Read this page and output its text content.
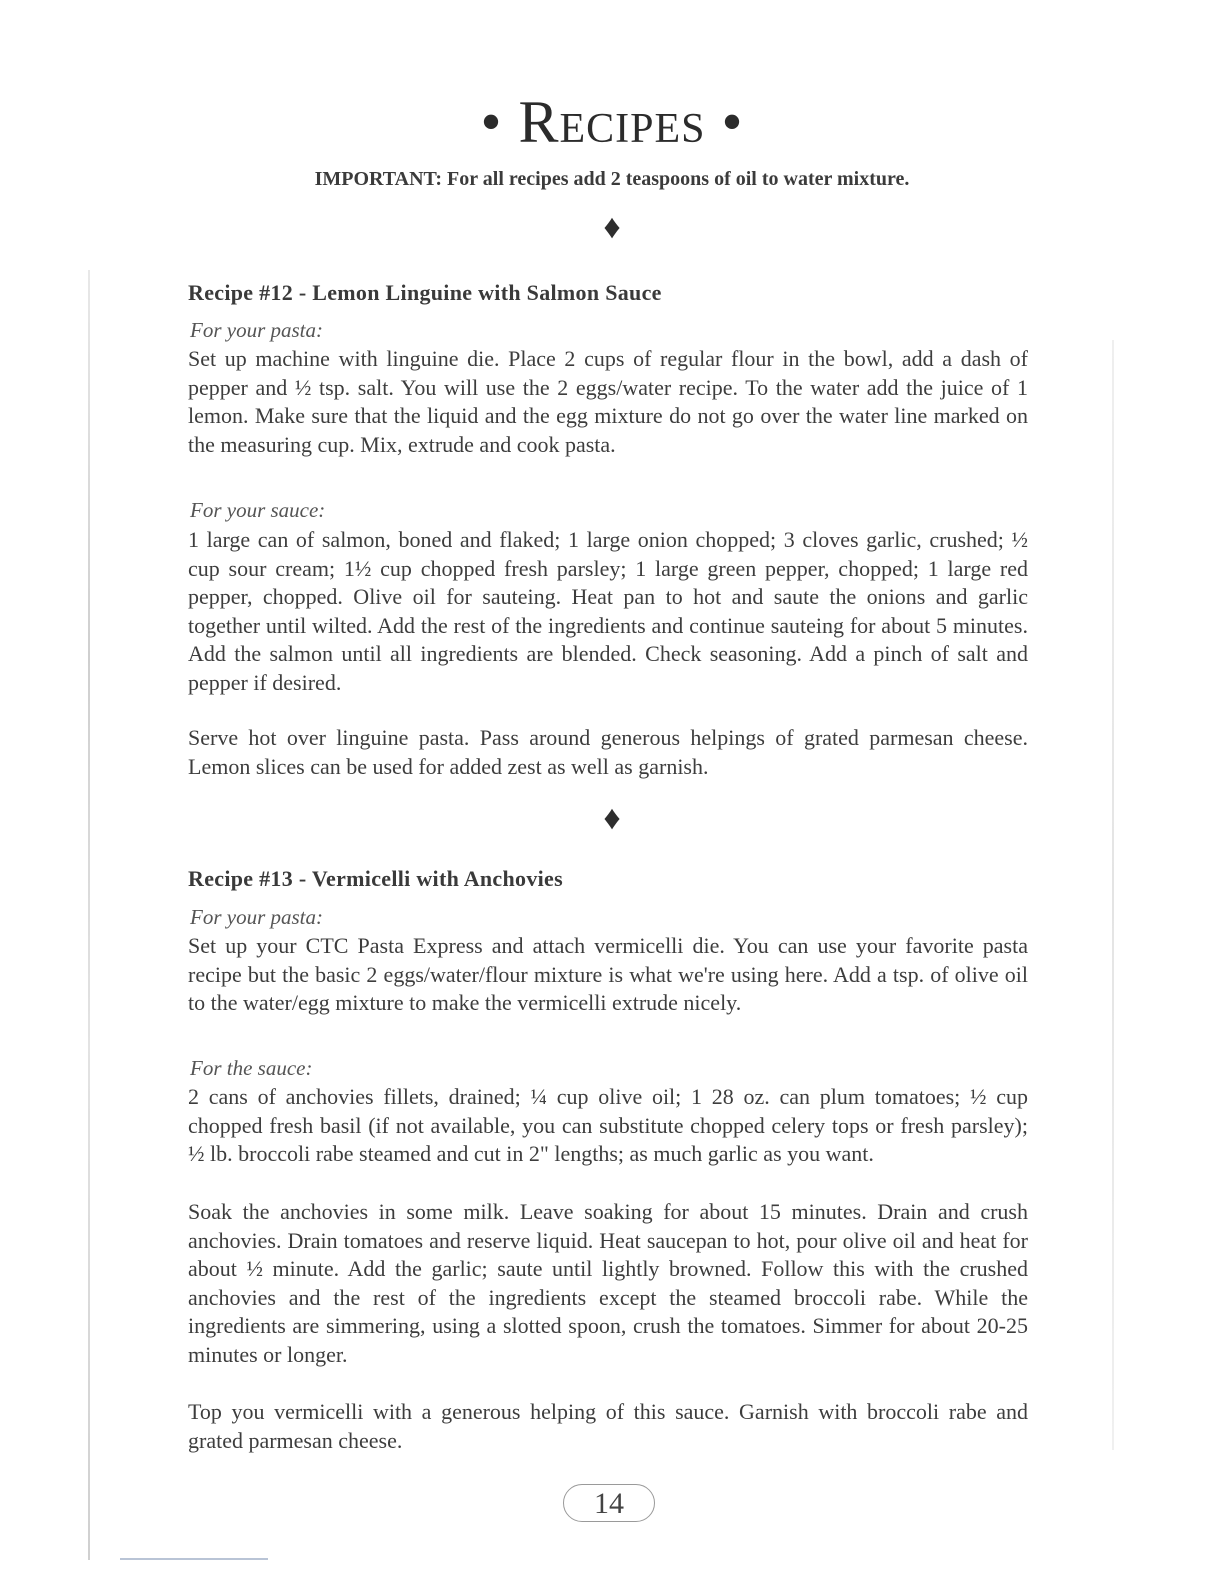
• Recipes •
IMPORTANT: For all recipes add 2 teaspoons of oil to water mixture.
♦
Recipe #12 - Lemon Linguine with Salmon Sauce
For your pasta:
Set up machine with linguine die. Place 2 cups of regular flour in the bowl, add a dash of pepper and ½ tsp. salt. You will use the 2 eggs/water recipe. To the water add the juice of 1 lemon. Make sure that the liquid and the egg mixture do not go over the water line marked on the measuring cup. Mix, extrude and cook pasta.
For your sauce:
1 large can of salmon, boned and flaked; 1 large onion chopped; 3 cloves garlic, crushed; ½ cup sour cream; 1½ cup chopped fresh parsley; 1 large green pepper, chopped; 1 large red pepper, chopped. Olive oil for sauteing. Heat pan to hot and saute the onions and garlic together until wilted. Add the rest of the ingredients and continue sauteing for about 5 minutes. Add the salmon until all ingredients are blended. Check seasoning. Add a pinch of salt and pepper if desired.
Serve hot over linguine pasta. Pass around generous helpings of grated parmesan cheese. Lemon slices can be used for added zest as well as garnish.
♦
Recipe #13 - Vermicelli with Anchovies
For your pasta:
Set up your CTC Pasta Express and attach vermicelli die. You can use your favorite pasta recipe but the basic 2 eggs/water/flour mixture is what we're using here. Add a tsp. of olive oil to the water/egg mixture to make the vermicelli extrude nicely.
For the sauce:
2 cans of anchovies fillets, drained; ¼ cup olive oil; 1 28 oz. can plum tomatoes; ½ cup chopped fresh basil (if not available, you can substitute chopped celery tops or fresh parsley); ½ lb. broccoli rabe steamed and cut in 2" lengths; as much garlic as you want.
Soak the anchovies in some milk. Leave soaking for about 15 minutes. Drain and crush anchovies. Drain tomatoes and reserve liquid. Heat saucepan to hot, pour olive oil and heat for about ½ minute. Add the garlic; saute until lightly browned. Follow this with the crushed anchovies and the rest of the ingredients except the steamed broccoli rabe. While the ingredients are simmering, using a slotted spoon, crush the tomatoes. Simmer for about 20-25 minutes or longer.
Top you vermicelli with a generous helping of this sauce. Garnish with broccoli rabe and grated parmesan cheese.
14
